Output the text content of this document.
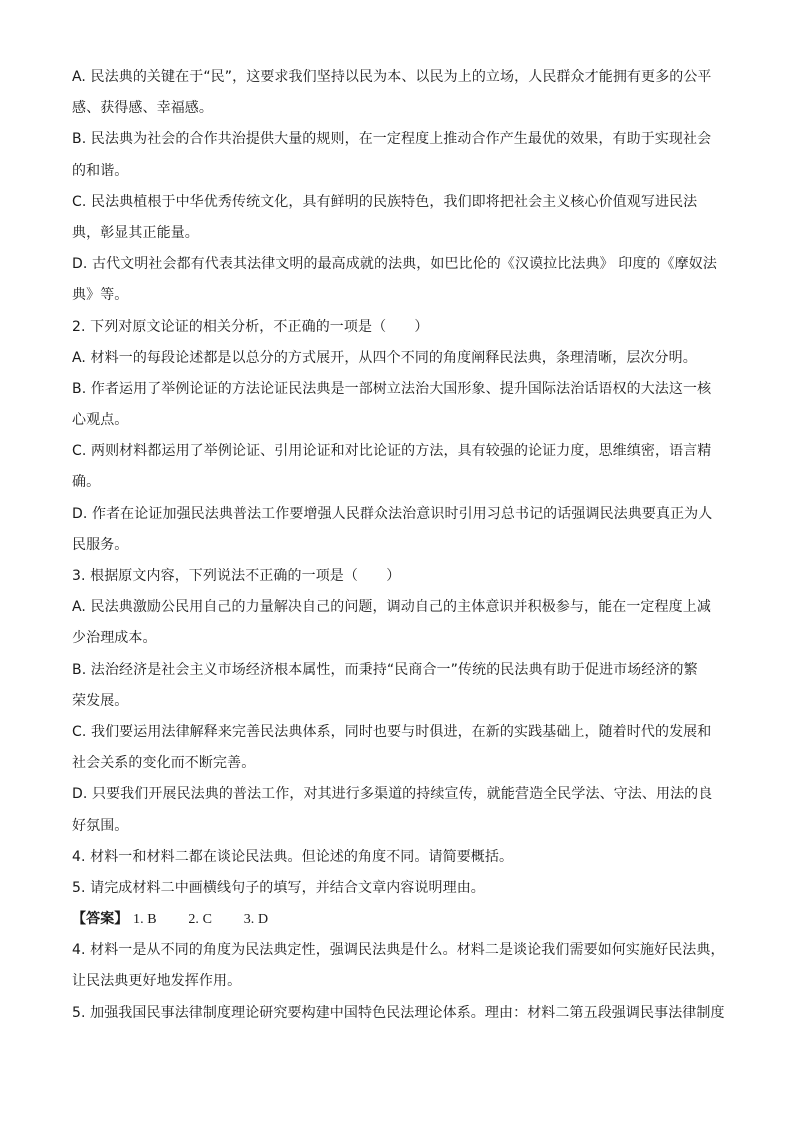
A. 民法典的关键在于“民”，这要求我们坚持以民为本、以民为上的立场，人民群众才能拥有更多的公平
感、获得感、幸福感。
B. 民法典为社会的合作共治提供大量的规则，在一定程度上推动合作产生最优的效果，有助于实现社会
的和谐。
C. 民法典植根于中华优秀传统文化，具有鲜明的民族特色，我们即将把社会主义核心价值观写进民法
典，彰显其正能量。
D. 古代文明社会都有代表其法律文明的最高成就的法典，如巴比伦的《汉谟拉比法典》 印度的《摩奴法
典》等。
2. 下列对原文论证的相关分析，不正确的一项是（　　）
A. 材料一的每段论述都是以总分的方式展开，从四个不同的角度阐释民法典，条理清晰，层次分明。
B. 作者运用了举例论证的方法论证民法典是一部树立法治大国形象、提升国际法治话语权的大法这一核
心观点。
C. 两则材料都运用了举例论证、引用论证和对比论证的方法，具有较强的论证力度，思维缜密，语言精
确。
D. 作者在论证加强民法典普法工作要增强人民群众法治意识时引用习总书记的话强调民法典要真正为人
民服务。
3. 根据原文内容，下列说法不正确的一项是（　　）
A. 民法典激励公民用自己的力量解决自己的问题，调动自己的主体意识并积极参与，能在一定程度上减
少治理成本。
B. 法治经济是社会主义市场经济根本属性，而秉持“民商合一”传统的民法典有助于促进市场经济的繁
荣发展。
C. 我们要运用法律解释来完善民法典体系，同时也要与时俱进，在新的实践基础上，随着时代的发展和
社会关系的变化而不断完善。
D. 只要我们开展民法典的普法工作，对其进行多渠道的持续宣传，就能营造全民学法、守法、用法的良
好氛围。
4. 材料一和材料二都在谈论民法典。但论述的角度不同。请简要概括。
5. 请完成材料二中画横线句子的填写，并结合文章内容说明理由。
【答案】 1. B 2. C 3. D
4. 材料一是从不同的角度为民法典定性，强调民法典是什么。材料二是谈论我们需要如何实施好民法典，
让民法典更好地发挥作用。
5. 加强我国民事法律制度理论研究要构建中国特色民法理论体系。理由：材料二第五段强调民事法律制度
